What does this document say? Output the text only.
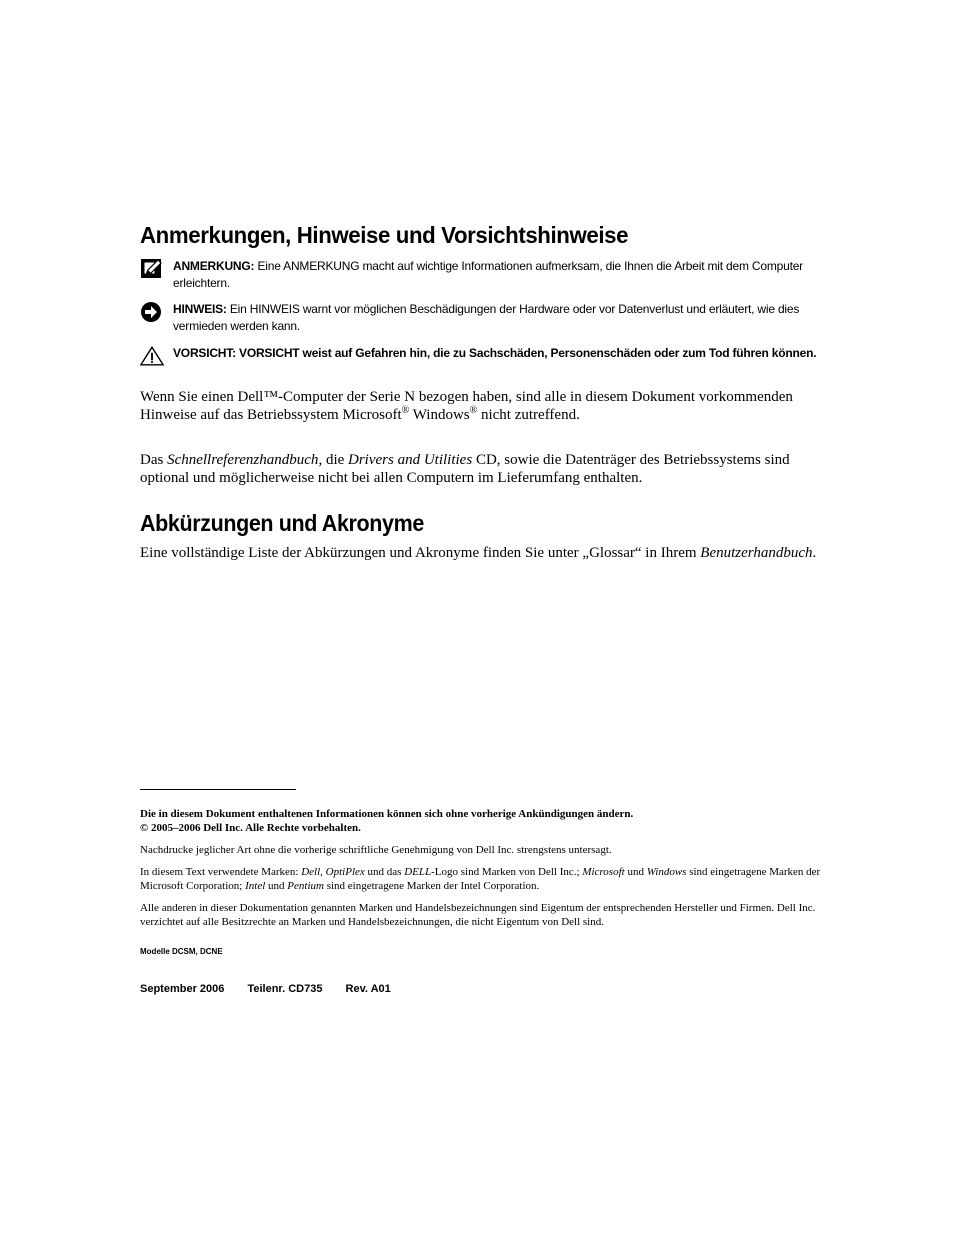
Anmerkungen, Hinweise und Vorsichtshinweise
ANMERKUNG: Eine ANMERKUNG macht auf wichtige Informationen aufmerksam, die Ihnen die Arbeit mit dem Computer erleichtern.
HINWEIS: Ein HINWEIS warnt vor möglichen Beschädigungen der Hardware oder vor Datenverlust und erläutert, wie dies vermieden werden kann.
VORSICHT: VORSICHT weist auf Gefahren hin, die zu Sachschäden, Personenschäden oder zum Tod führen können.
Wenn Sie einen Dell™-Computer der Serie N bezogen haben, sind alle in diesem Dokument vorkommenden Hinweise auf das Betriebssystem Microsoft® Windows® nicht zutreffend.
Das Schnellreferenzhandbuch, die Drivers and Utilities CD, sowie die Datenträger des Betriebssystems sind optional und möglicherweise nicht bei allen Computern im Lieferumfang enthalten.
Abkürzungen und Akronyme
Eine vollständige Liste der Abkürzungen und Akronyme finden Sie unter „Glossar“ in Ihrem Benutzerhandbuch.
Die in diesem Dokument enthaltenen Informationen können sich ohne vorherige Ankündigungen ändern.
© 2005–2006 Dell Inc. Alle Rechte vorbehalten.
Nachdrucke jeglicher Art ohne die vorherige schriftliche Genehmigung von Dell Inc. strengstens untersagt.
In diesem Text verwendete Marken: Dell, OptiPlex und das DELL-Logo sind Marken von Dell Inc.; Microsoft und Windows sind eingetragene Marken der Microsoft Corporation; Intel und Pentium sind eingetragene Marken der Intel Corporation.
Alle anderen in dieser Dokumentation genannten Marken und Handelsbezeichnungen sind Eigentum der entsprechenden Hersteller und Firmen. Dell Inc. verzichtet auf alle Besitzrechte an Marken und Handelsbezeichnungen, die nicht Eigentum von Dell sind.
Modelle DCSM, DCNE
September 2006 Teilenr. CD735 Rev. A01
